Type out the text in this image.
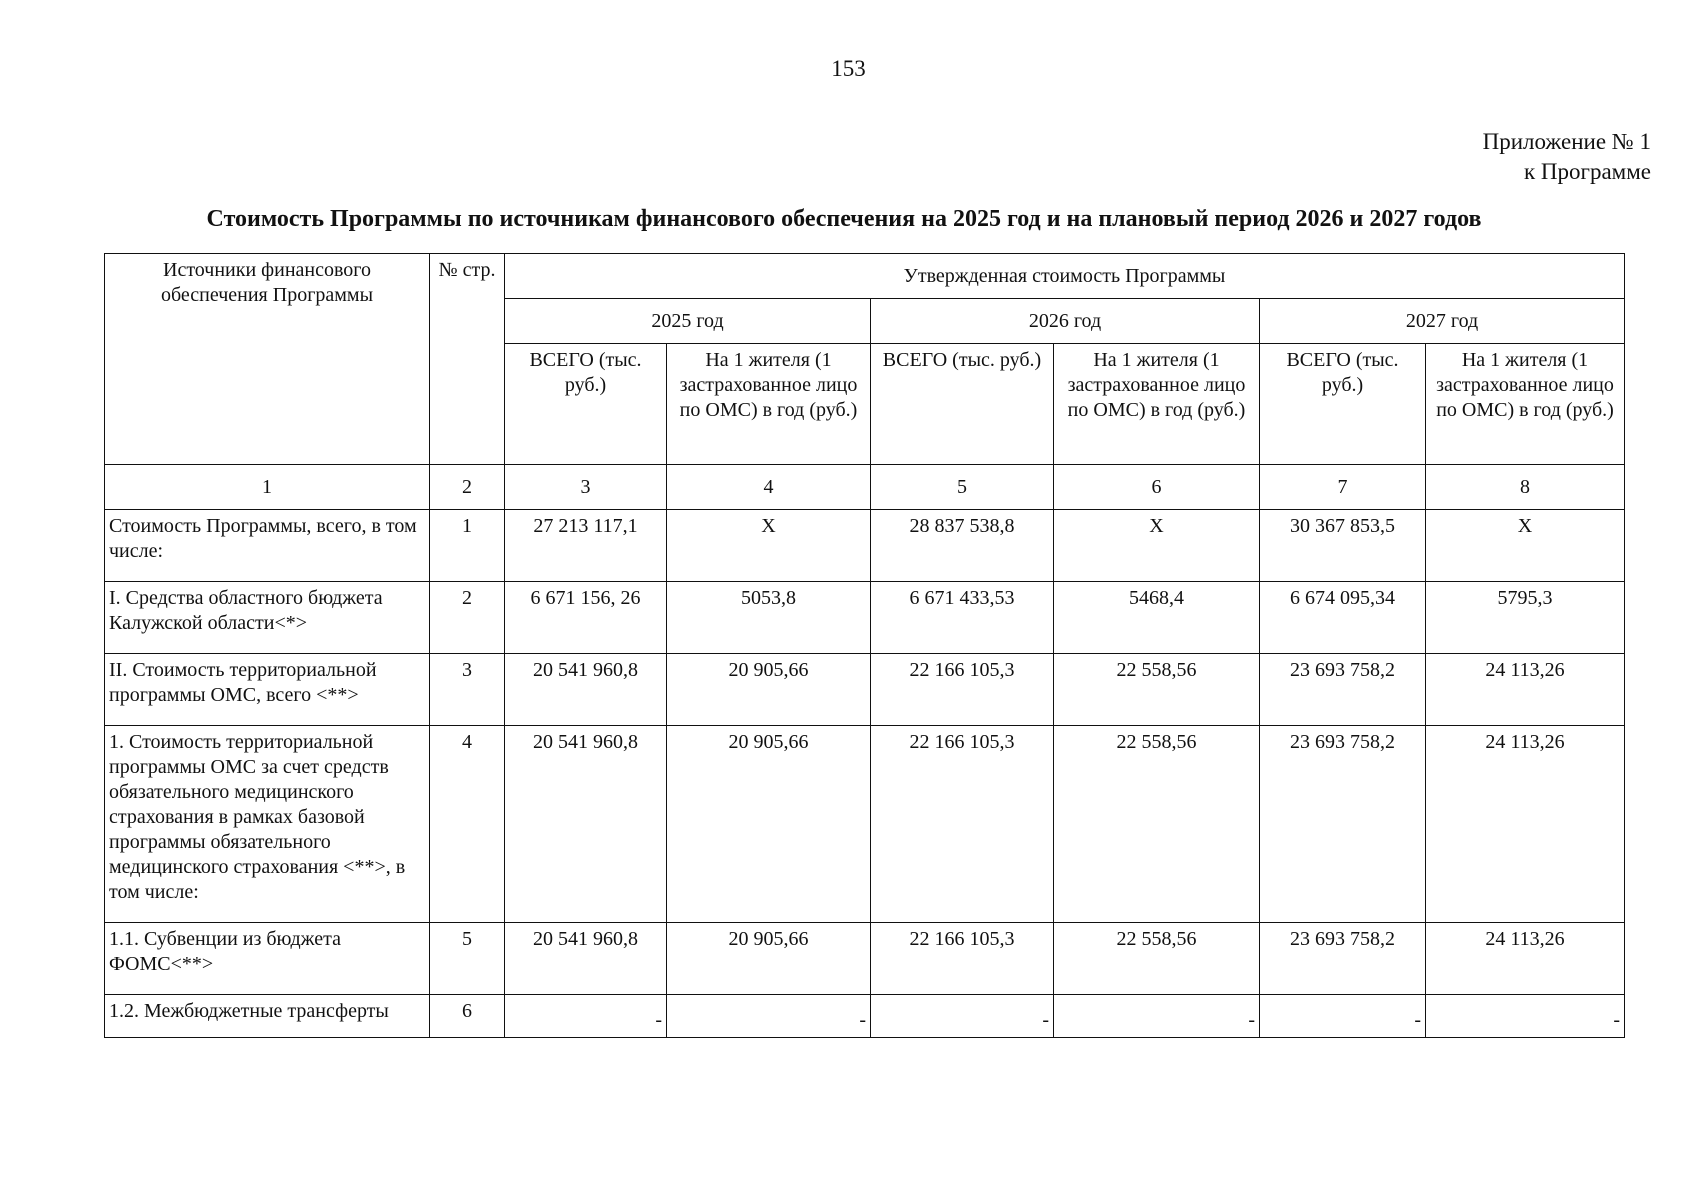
153
Приложение № 1
к Программе
Стоимость Программы по источникам финансового обеспечения на 2025 год и на плановый период 2026 и 2027 годов
Источники финансового обеспечения Программы	№ стр.	Утвержденная стоимость Программы					
		2025 год		2026 год		2027 год	
		ВСЕГО (тыс. руб.)	На 1 жителя (1 застрахованное лицо по ОМС) в год (руб.)	ВСЕГО (тыс. руб.)	На 1 жителя (1 застрахованное лицо по ОМС) в год (руб.)	ВСЕГО (тыс. руб.)	На 1 жителя (1 застрахованное лицо по ОМС) в год (руб.)
1	2	3	4	5	6	7	8
Стоимость Программы, всего, в том числе:	1	27 213 117,1	Х	28 837 538,8	Х	30 367 853,5	Х
I. Средства областного бюджета Калужской области<*>	2	6 671 156, 26	5053,8	6 671 433,53	5468,4	6 674 095,34	5795,3
II. Стоимость территориальной программы ОМС, всего <**>	3	20 541 960,8	20 905,66	22 166 105,3	22 558,56	23 693 758,2	24 113,26
1. Стоимость территориальной программы ОМС за счет средств обязательного медицинского страхования в рамках базовой программы обязательного медицинского страхования <**>, в том числе:	4	20 541 960,8	20 905,66	22 166 105,3	22 558,56	23 693 758,2	24 113,26
1.1. Субвенции из бюджета ФОМС<**>	5	20 541 960,8	20 905,66	22 166 105,3	22 558,56	23 693 758,2	24 113,26
1.2. Межбюджетные трансферты	6	-	-	-	-	-	-
